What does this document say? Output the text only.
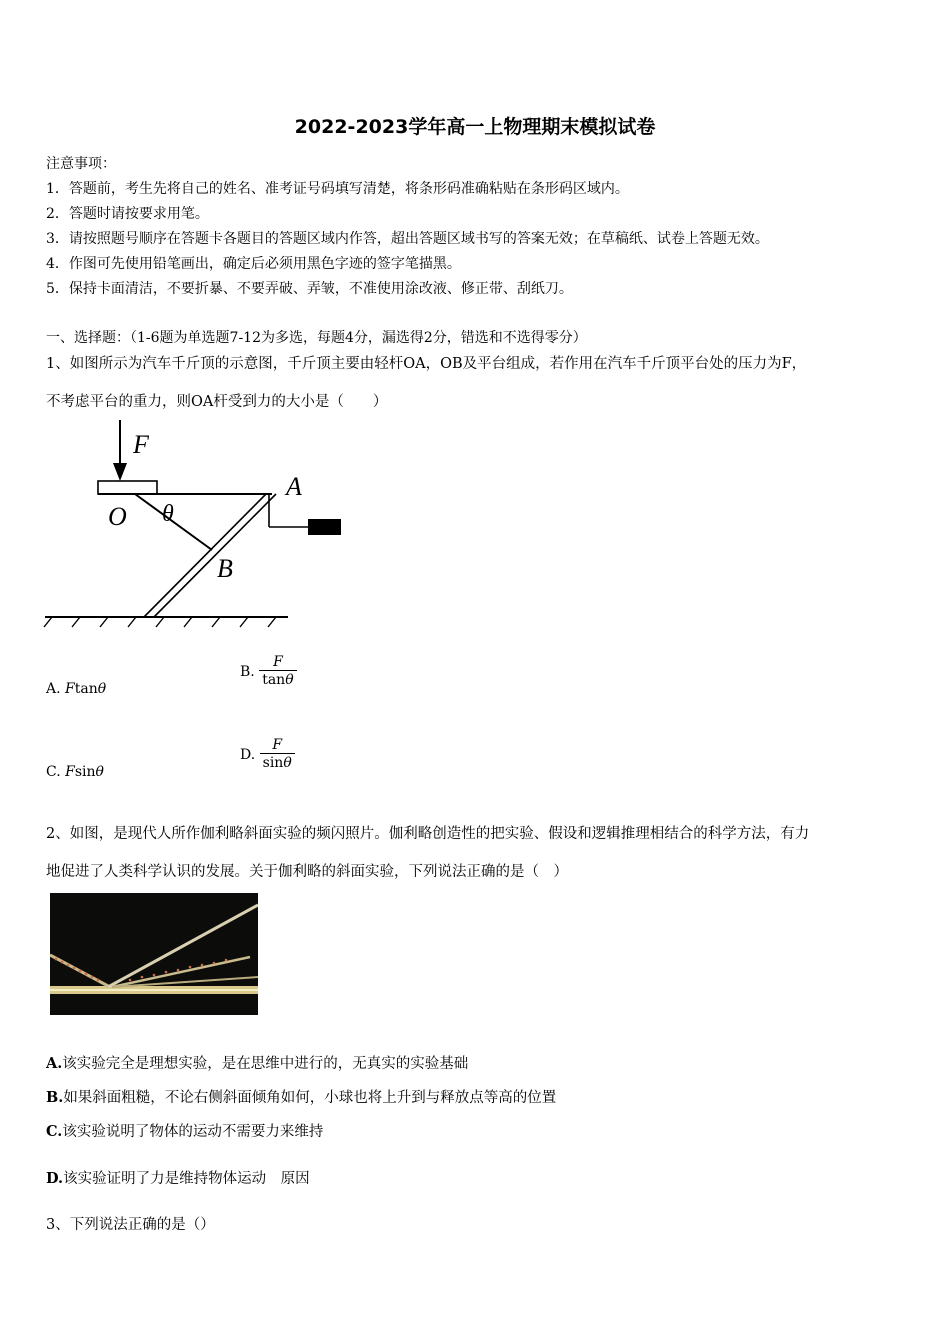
2022-2023学年高一上物理期末模拟试卷
注意事项：
1．答题前，考生先将自己的姓名、准考证号码填写清楚，将条形码准确粘贴在条形码区域内。
2．答题时请按要求用笔。
3．请按照题号顺序在答题卡各题目的答题区域内作答，超出答题区域书写的答案无效；在草稿纸、试卷上答题无效。
4．作图可先使用铅笔画出，确定后必须用黑色字迹的签字笔描黑。
5．保持卡面清洁，不要折暴、不要弄破、弄皱，不准使用涂改液、修正带、刮纸刀。
一、选择题：（1-6题为单选题7-12为多选，每题4分，漏选得2分，错选和不选得零分）
1、如图所示为汽车千斤顶的示意图，千斤顶主要由轻杆OA，OB及平台组成，若作用在汽车千斤顶平台处的压力为F，
不考虑平台的重力，则OA杆受到力的大小是（　　）
F
O θ
A
B
A. Ftanθ
B. $\frac{F}{\tan\theta}$
C. Fsinθ
D. $\frac{F}{\sin\theta}$
2、如图，是现代人所作伽利略斜面实验的频闪照片。伽利略创造性的把实验、假设和逻辑推理相结合的科学方法，有力
地促进了人类科学认识的发展。关于伽利略的斜面实验，下列说法正确的是（　）
A.该实验完全是理想实验，是在思维中进行的，无真实的实验基础
B.如果斜面粗糙，不论右侧斜面倾角如何，小球也将上升到与释放点等高的位置
C.该实验说明了物体的运动不需要力来维持
D.该实验证明了力是维持物体运动　原因
3、下列说法正确的是（）
